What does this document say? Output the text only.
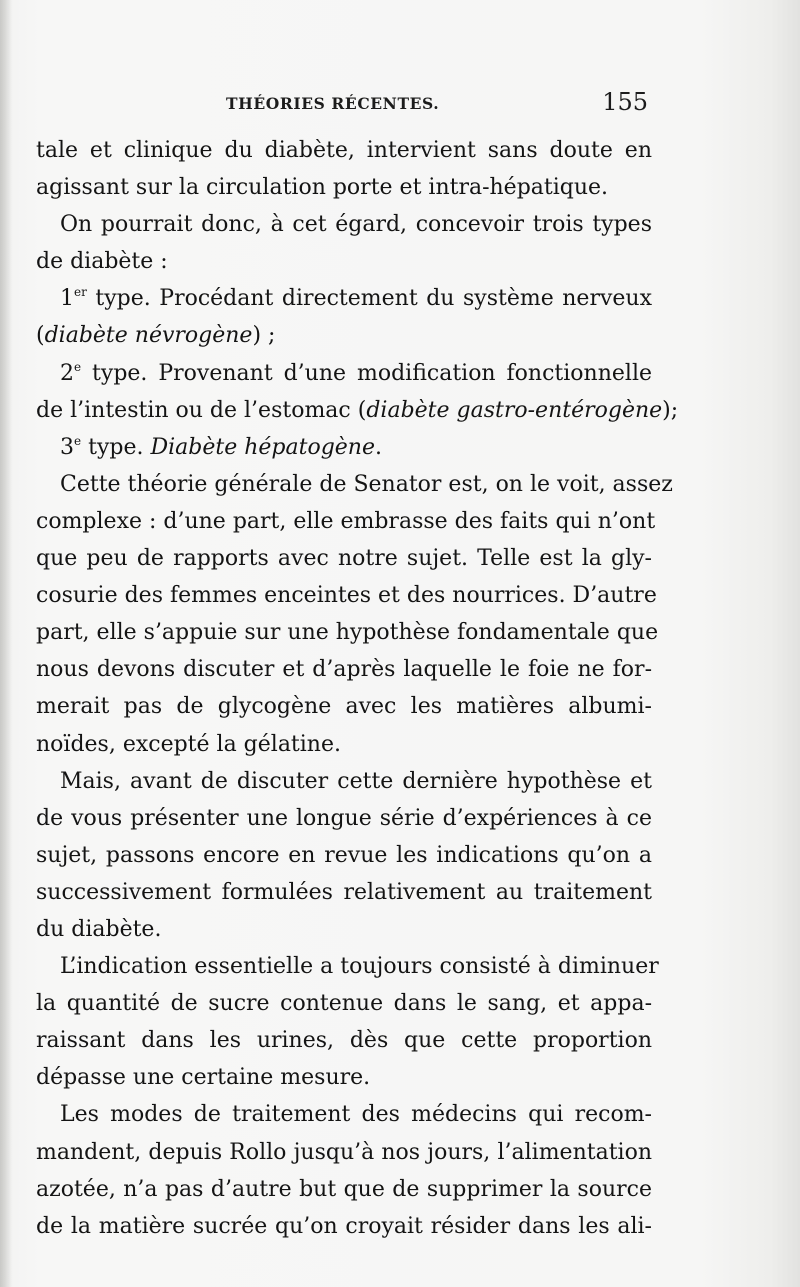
THÉORIES RÉCENTES.	155
tale et clinique du diabète, intervient sans doute en
agissant sur la circulation porte et intra-hépatique.
On pourrait donc, à cet égard, concevoir trois types
de diabète :
1er type. Procédant directement du système nerveux
(diabète névrogène) ;
2e type. Provenant d’une modification fonctionnelle
de l’intestin ou de l’estomac (diabète gastro-entérogène);
3e type. Diabète hépatogène.
Cette théorie générale de Senator est, on le voit, assez
complexe : d’une part, elle embrasse des faits qui n’ont
que peu de rapports avec notre sujet. Telle est la gly-
cosurie des femmes enceintes et des nourrices. D’autre
part, elle s’appuie sur une hypothèse fondamentale que
nous devons discuter et d’après laquelle le foie ne for-
merait pas de glycogène avec les matières albumi-
noïdes, excepté la gélatine.
Mais, avant de discuter cette dernière hypothèse et
de vous présenter une longue série d’expériences à ce
sujet, passons encore en revue les indications qu’on a
successivement formulées relativement au traitement
du diabète.
L’indication essentielle a toujours consisté à diminuer
la quantité de sucre contenue dans le sang, et appa-
raissant dans les urines, dès que cette proportion
dépasse une certaine mesure.
Les modes de traitement des médecins qui recom-
mandent, depuis Rollo jusqu’à nos jours, l’alimentation
azotée, n’a pas d’autre but que de supprimer la source
de la matière sucrée qu’on croyait résider dans les ali-
